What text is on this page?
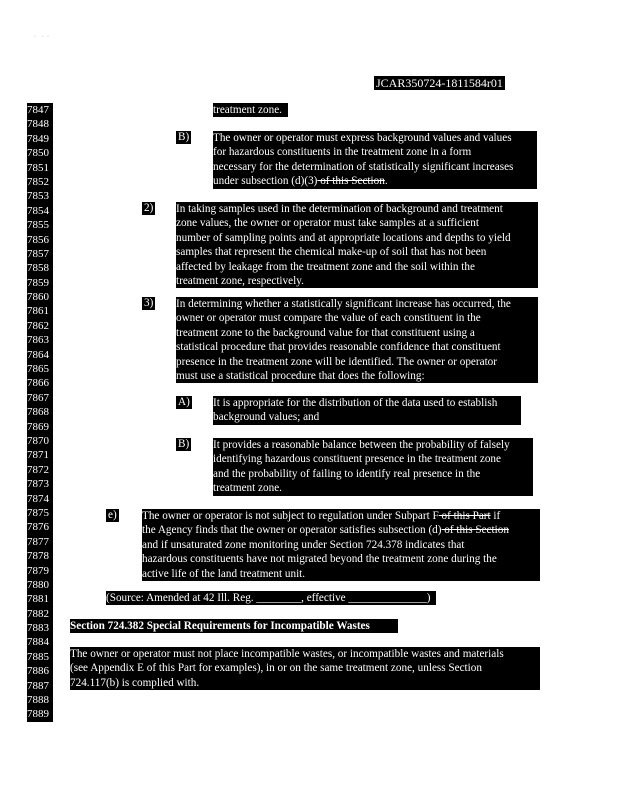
·    ·  ·
JCAR350724-1811584r01
7847
7848
7849
7850
7851
7852
7853
7854
7855
7856
7857
7858
7859
7860
7861
7862
7863
7864
7865
7866
7867
7868
7869
7870
7871
7872
7873
7874
7875
7876
7877
7878
7879
7880
7881
7882
7883
7884
7885
7886
7887
7888
7889
treatment zone.
B) The owner or operator must express background values and values
for hazardous constituents in the treatment zone in a form
necessary for the determination of statistically significant increases
under subsection (d)(3) of this Section.
2) In taking samples used in the determination of background and treatment
zone values, the owner or operator must take samples at a sufficient
number of sampling points and at appropriate locations and depths to yield
samples that represent the chemical make-up of soil that has not been
affected by leakage from the treatment zone and the soil within the
treatment zone, respectively.
3) In determining whether a statistically significant increase has occurred, the
owner or operator must compare the value of each constituent in the
treatment zone to the background value for that constituent using a
statistical procedure that provides reasonable confidence that constituent
presence in the treatment zone will be identified. The owner or operator
must use a statistical procedure that does the following:
A) It is appropriate for the distribution of the data used to establish
background values; and
B) It provides a reasonable balance between the probability of falsely
identifying hazardous constituent presence in the treatment zone
and the probability of failing to identify real presence in the
treatment zone.
e) The owner or operator is not subject to regulation under Subpart F of this Part if
the Agency finds that the owner or operator satisfies subsection (d) of this Section
and if unsaturated zone monitoring under Section 724.378 indicates that
hazardous constituents have not migrated beyond the treatment zone during the
active life of the land treatment unit.
(Source: Amended at 42 Ill. Reg. ________, effective ______________)
Section 724.382 Special Requirements for Incompatible Wastes
The owner or operator must not place incompatible wastes, or incompatible wastes and materials
(see Appendix E of this Part for examples), in or on the same treatment zone, unless Section
724.117(b) is complied with.
